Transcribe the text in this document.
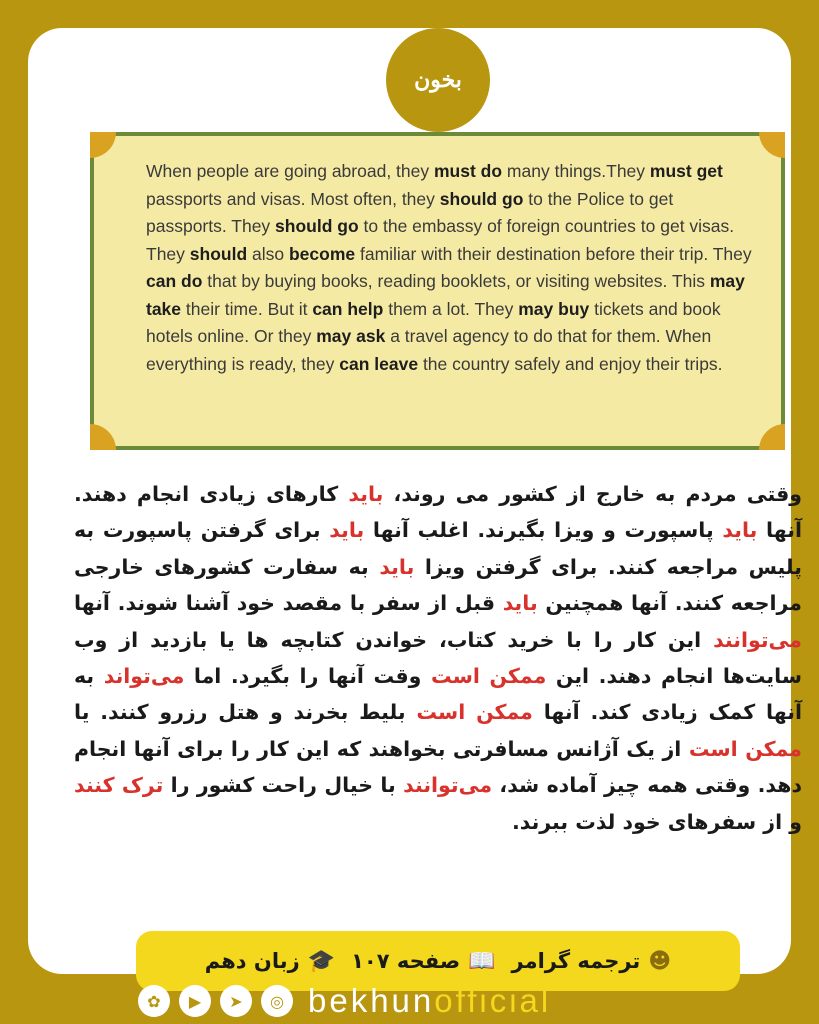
بخون
When people are going abroad, they must do many things.They must get passports and visas. Most often, they should go to the Police to get passports. They should go to the embassy of foreign countries to get visas. They should also become familiar with their destination before their trip. They can do that by buying books, reading booklets, or visiting websites. This may take their time. But it can help them a lot. They may buy tickets and book hotels online. Or they may ask a travel agency to do that for them. When everything is ready, they can leave the country safely and enjoy their trips.
وقتی مردم به خارج از کشور می روند، باید کارهای زیادی انجام دهند. آنها باید پاسپورت و ویزا بگیرند. اغلب آنها باید برای گرفتن پاسپورت به پلیس مراجعه کنند. برای گرفتن ویزا باید به سفارت کشورهای خارجی مراجعه کنند. آنها همچنین باید قبل از سفر با مقصد خود آشنا شوند. آنها می‌توانند این کار را با خرید کتاب، خواندن کتابچه ها یا بازدید از وب سایت‌ها انجام دهند. این ممکن است وقت آنها را بگیرد. اما می‌تواند به آنها کمک زیادی کند. آنها ممکن است بلیط بخرند و هتل رزرو کنند. یا ممکن است از یک آژانس مسافرتی بخواهند که این کار را برای آنها انجام دهد. وقتی همه چیز آماده شد، می‌توانند با خیال راحت کشور را ترک کنند و از سفرهای خود لذت ببرند.
☻
ترجمه گرامر
📖
صفحه ۱۰۷
🎓
زبان دهم
✿	▶	➤	◎ bekhunofficial
